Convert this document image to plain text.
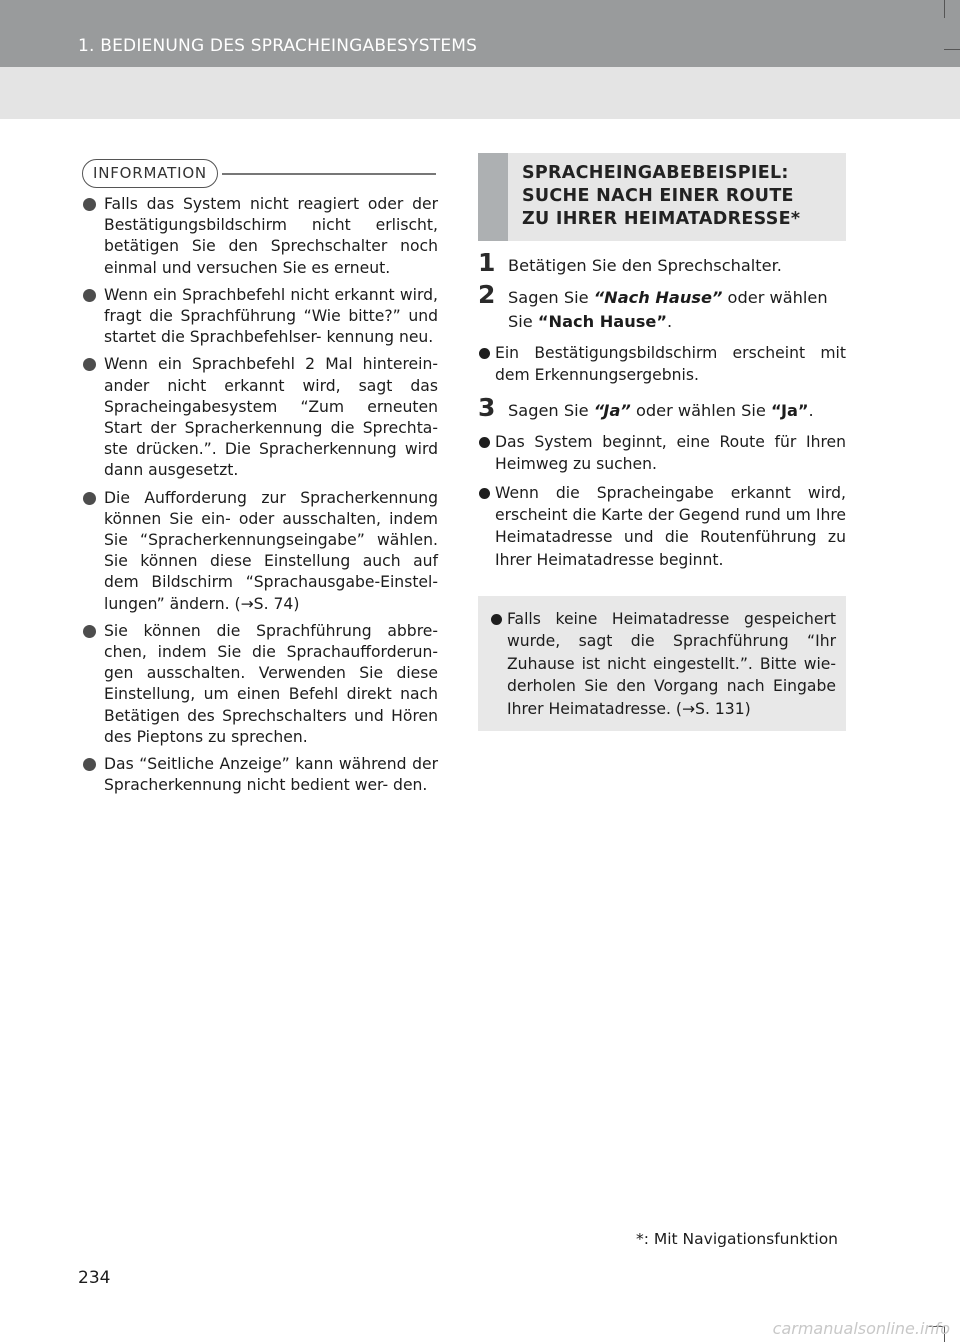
1. BEDIENUNG DES SPRACHEINGABESYSTEMS
INFORMATION
Falls das System nicht reagiert oder der Bestätigungsbildschirm nicht erlischt, betätigen Sie den Sprechschalter noch einmal und versuchen Sie es erneut.
Wenn ein Sprachbefehl nicht erkannt wird, fragt die Sprachführung “Wie bitte?” und startet die Sprachbefehlser- kennung neu.
Wenn ein Sprachbefehl 2 Mal hinterein- ander nicht erkannt wird, sagt das Spracheingabesystem “Zum erneuten Start der Spracherkennung die Sprechta- ste drücken.”. Die Spracherkennung wird dann ausgesetzt.
Die Aufforderung zur Spracherkennung können Sie ein- oder ausschalten, indem Sie “Spracherkennungseingabe” wählen. Sie können diese Einstellung auch auf dem Bildschirm “Sprachausgabe-Einstel- lungen” ändern. (→S. 74)
Sie können die Sprachführung abbre- chen, indem Sie die Sprachaufforderun- gen ausschalten. Verwenden Sie diese Einstellung, um einen Befehl direkt nach Betätigen des Sprechschalters und Hören des Pieptons zu sprechen.
Das “Seitliche Anzeige” kann während der Spracherkennung nicht bedient wer- den.
SPRACHEINGABEBEISPIEL:
SUCHE NACH EINER ROUTE
ZU IHRER HEIMATADRESSE*
1 Betätigen Sie den Sprechschalter.
2 Sagen Sie “Nach Hause” oder wählen Sie “Nach Hause”.
Ein Bestätigungsbildschirm erscheint mit dem Erkennungsergebnis.
3 Sagen Sie “Ja” oder wählen Sie “Ja”.
Das System beginnt, eine Route für Ihren Heimweg zu suchen.
Wenn die Spracheingabe erkannt wird, erscheint die Karte der Gegend rund um Ihre Heimatadresse und die Routenführung zu Ihrer Heimatadresse beginnt.
Falls keine Heimatadresse gespeichert wurde, sagt die Sprachführung “Ihr Zuhause ist nicht eingestellt.”. Bitte wie- derholen Sie den Vorgang nach Eingabe Ihrer Heimatadresse. (→S. 131)
*: Mit Navigationsfunktion
234
carmanualsonline.info
